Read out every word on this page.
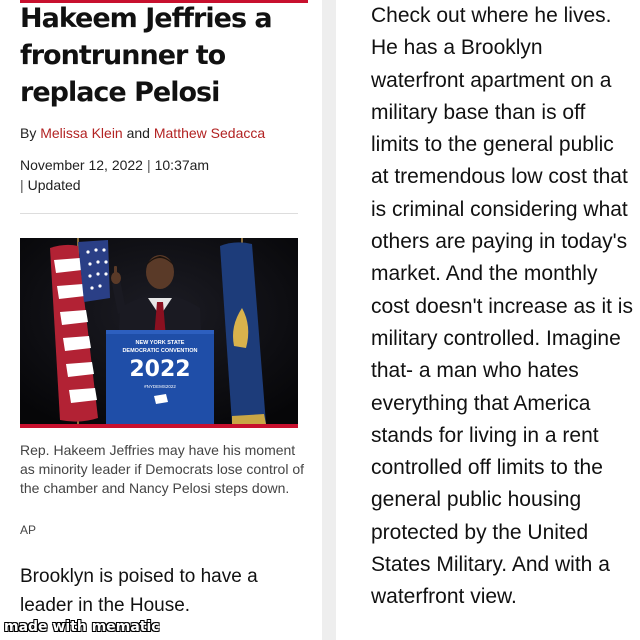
Hakeem Jeffries a frontrunner to replace Pelosi
By Melissa Klein and Matthew Sedacca
November 12, 2022 | 10:37am
| Updated
NEW YORK STATE
DEMOCRATIC CONVENTION
2022
#NYDEMS2022
Rep. Hakeem Jeffries may have his moment as minority leader if Democrats lose control of the chamber and Nancy Pelosi steps down.
AP
Brooklyn is poised to have a leader in the House.
made with mematic

Check out where he lives. He has a Brooklyn waterfront apartment on a military base than is off limits to the general public at tremendous low cost that is criminal considering what others are paying in today's market. And the monthly cost doesn't increase as it is military controlled. Imagine that- a man who hates everything that America stands for living in a rent controlled off limits to the general public housing protected by the United States Military. And with a waterfront view.
